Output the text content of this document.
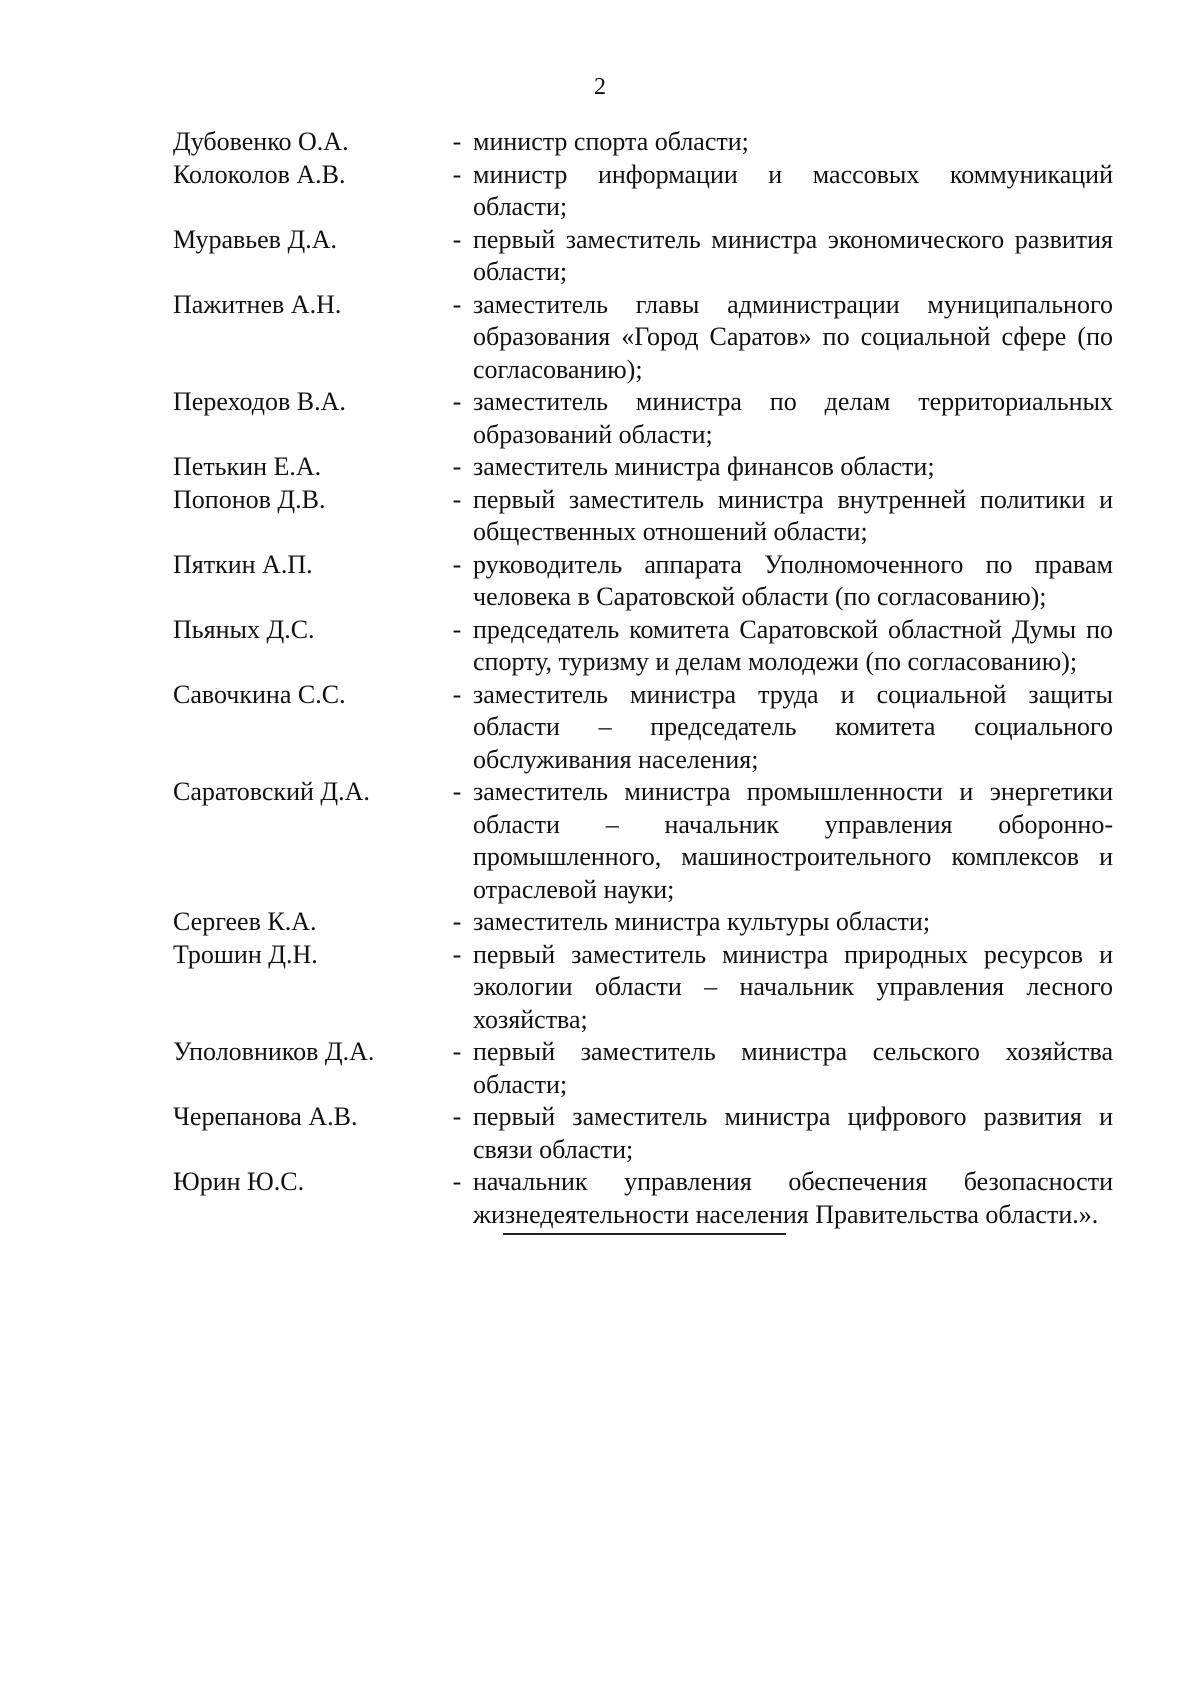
2
Дубовенко О.А.	- министр спорта области;
Колоколов А.В.	- министр информации и массовых коммуникаций области;
Муравьев Д.А.	- первый заместитель министра экономического развития области;
Пажитнев А.Н.	- заместитель главы администрации муниципального образования «Город Саратов» по социальной сфере (по согласованию);
Переходов В.А.	- заместитель министра по делам территориальных образований области;
Петькин Е.А.	- заместитель министра финансов области;
Попонов Д.В.	- первый заместитель министра внутренней политики и общественных отношений области;
Пяткин А.П.	- руководитель аппарата Уполномоченного по правам человека в Саратовской области (по согласованию);
Пьяных Д.С.	- председатель комитета Саратовской областной Думы по спорту, туризму и делам молодежи (по согласованию);
Савочкина С.С.	- заместитель министра труда и социальной защиты области – председатель комитета социального обслуживания населения;
Саратовский Д.А.	- заместитель министра промышленности и энергетики области – начальник управления оборонно-промышленного, машиностроительного комплексов и отраслевой науки;
Сергеев К.А.	- заместитель министра культуры области;
Трошин Д.Н.	- первый заместитель министра природных ресурсов и экологии области – начальник управления лесного хозяйства;
Уполовников Д.А.	- первый заместитель министра сельского хозяйства области;
Черепанова А.В.	- первый заместитель министра цифрового развития и связи области;
Юрин Ю.С.	- начальник управления обеспечения безопасности жизнедеятельности населения Правительства области.».
